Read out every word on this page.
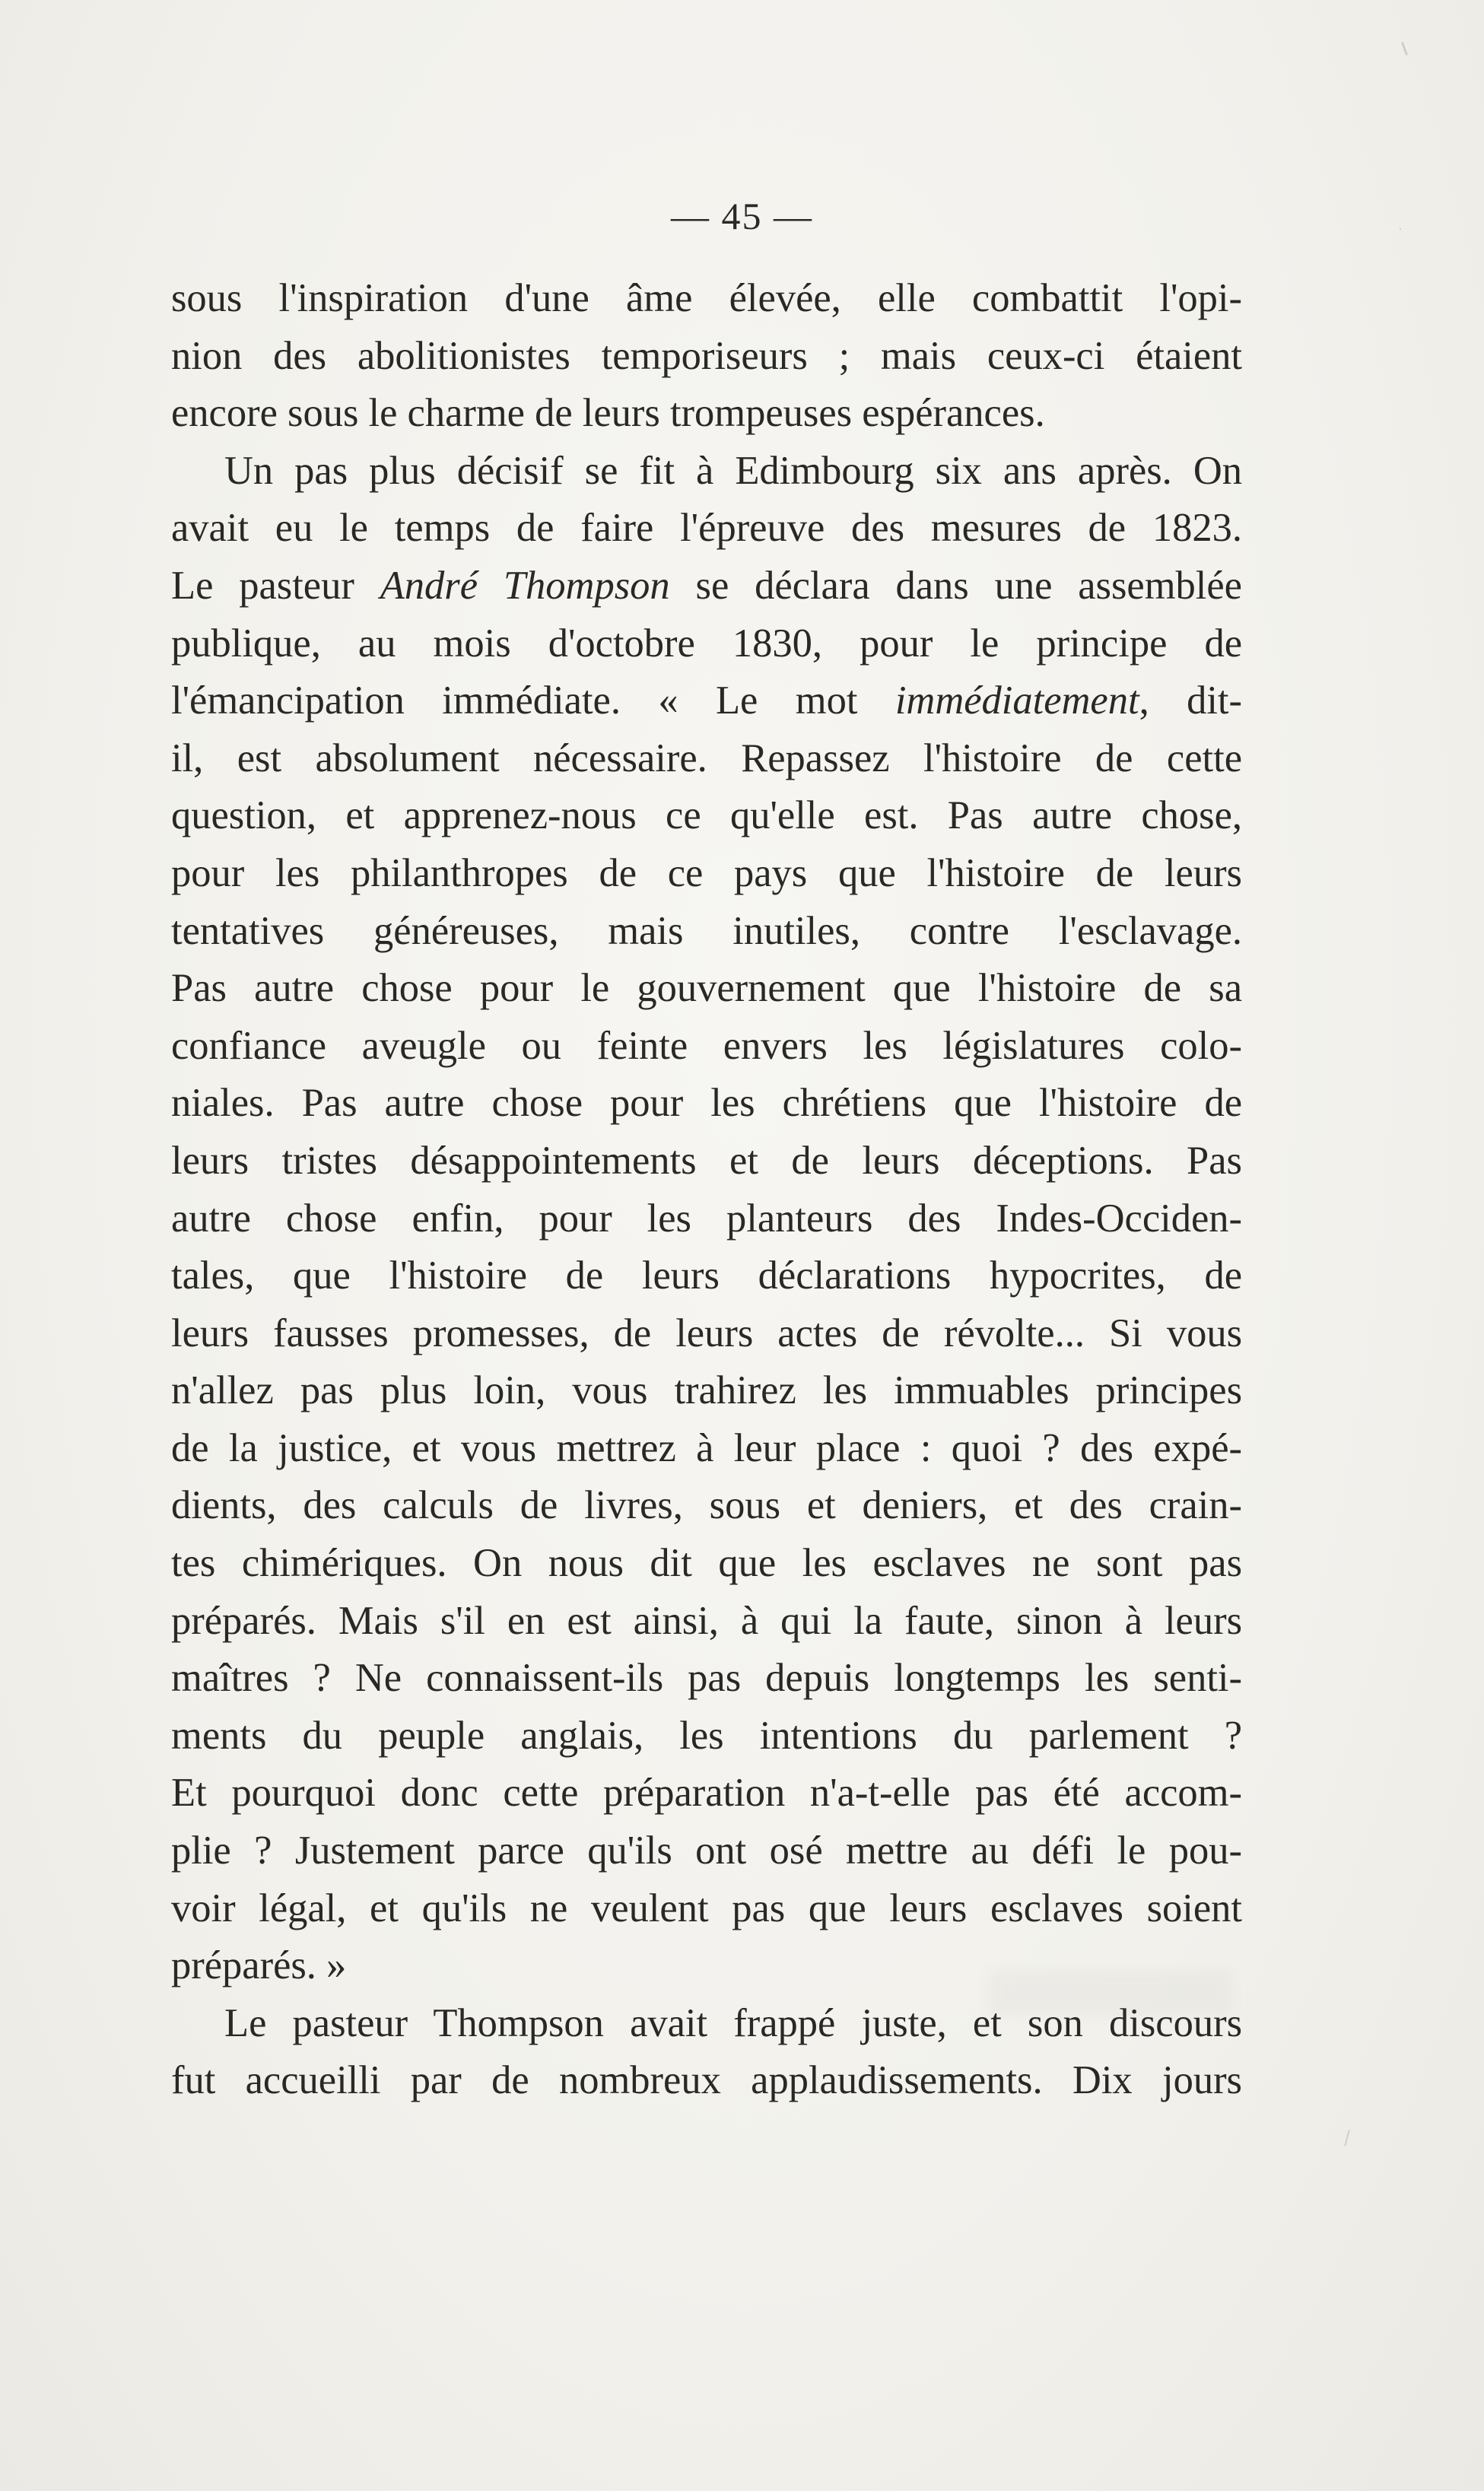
— 45 —
sous l'inspiration d'une âme élevée, elle combattit l'opi-
nion des abolitionistes temporiseurs ; mais ceux-ci étaient
encore sous le charme de leurs trompeuses espérances.
Un pas plus décisif se fit à Edimbourg six ans après. On
avait eu le temps de faire l'épreuve des mesures de 1823.
Le pasteur André Thompson se déclara dans une assemblée
publique, au mois d'octobre 1830, pour le principe de
l'émancipation immédiate. « Le mot immédiatement, dit-
il, est absolument nécessaire. Repassez l'histoire de cette
question, et apprenez-nous ce qu'elle est. Pas autre chose,
pour les philanthropes de ce pays que l'histoire de leurs
tentatives généreuses, mais inutiles, contre l'esclavage.
Pas autre chose pour le gouvernement que l'histoire de sa
confiance aveugle ou feinte envers les législatures colo-
niales. Pas autre chose pour les chrétiens que l'histoire de
leurs tristes désappointements et de leurs déceptions. Pas
autre chose enfin, pour les planteurs des Indes-Occiden-
tales, que l'histoire de leurs déclarations hypocrites, de
leurs fausses promesses, de leurs actes de révolte... Si vous
n'allez pas plus loin, vous trahirez les immuables principes
de la justice, et vous mettrez à leur place : quoi ? des expé-
dients, des calculs de livres, sous et deniers, et des crain-
tes chimériques. On nous dit que les esclaves ne sont pas
préparés. Mais s'il en est ainsi, à qui la faute, sinon à leurs
maîtres ? Ne connaissent-ils pas depuis longtemps les senti-
ments du peuple anglais, les intentions du parlement ?
Et pourquoi donc cette préparation n'a-t-elle pas été accom-
plie ? Justement parce qu'ils ont osé mettre au défi le pou-
voir légal, et qu'ils ne veulent pas que leurs esclaves soient
préparés. »
Le pasteur Thompson avait frappé juste, et son discours
fut accueilli par de nombreux applaudissements. Dix jours
